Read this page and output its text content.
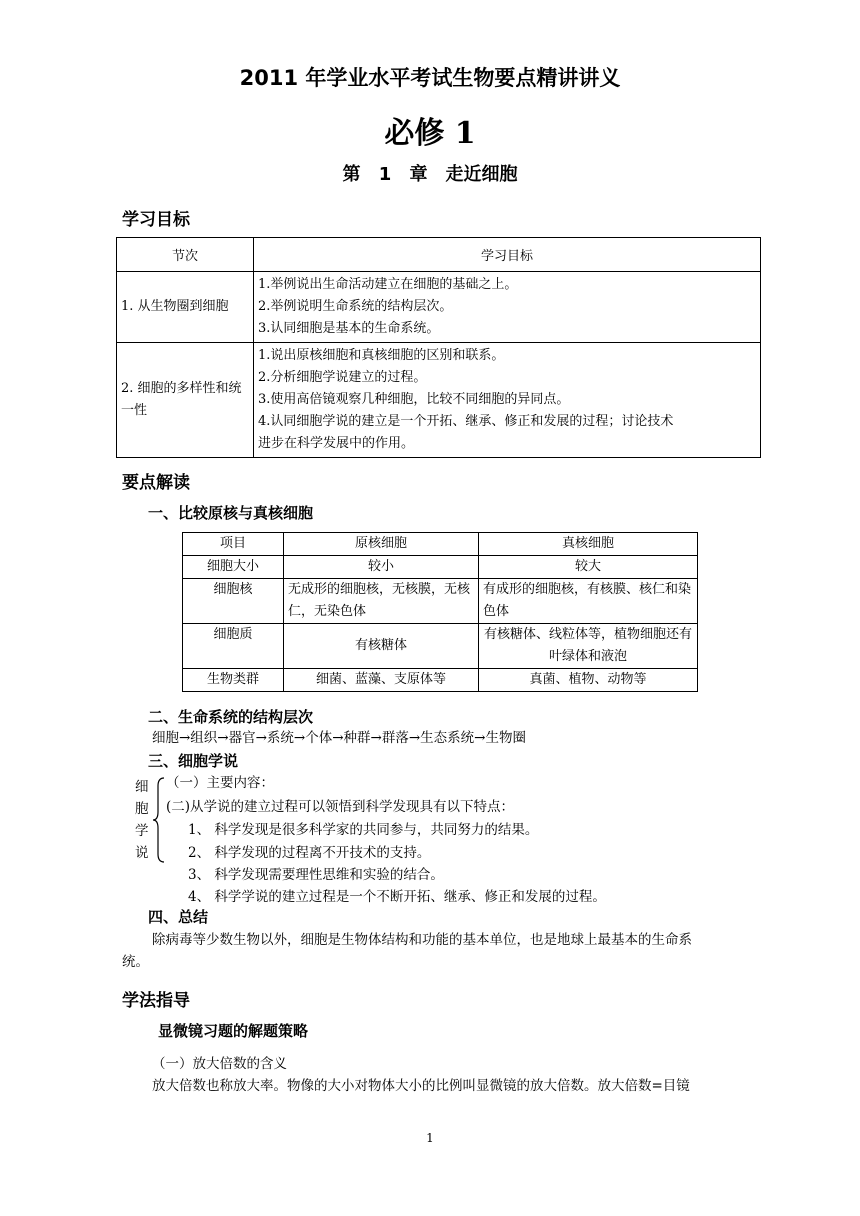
2011 年学业水平考试生物要点精讲讲义
必修 1
第 1 章　走近细胞
学习目标
节次	学习目标
1. 从生物圈到细胞	1.举例说出生命活动建立在细胞的基础之上。
2.举例说明生命系统的结构层次。
3.认同细胞是基本的生命系统。

2. 细胞的多样性和统一性	1.说出原核细胞和真核细胞的区别和联系。
2.分析细胞学说建立的过程。
3.使用高倍镜观察几种细胞，比较不同细胞的异同点。
4.认同细胞学说的建立是一个开拓、继承、修正和发展的过程；讨论技术
进步在科学发展中的作用。
要点解读
一、比较原核与真核细胞
项目	原核细胞	真核细胞
细胞大小	较小	较大
细胞核	无成形的细胞核，无核膜，无核仁，无染色体	有成形的细胞核，有核膜、核仁和染色体
细胞质	有核糖体	有核糖体、线粒体等，植物细胞还有叶绿体和液泡
生物类群	细菌、蓝藻、支原体等	真菌、植物、动物等
二、生命系统的结构层次
细胞→组织→器官→系统→个体→种群→群落→生态系统→生物圈
三、细胞学说
细
胞
学
说
（一）主要内容：
(二)从学说的建立过程可以领悟到科学发现具有以下特点：
1、 科学发现是很多科学家的共同参与，共同努力的结果。
2、 科学发现的过程离不开技术的支持。
3、 科学发现需要理性思维和实验的结合。
4、 科学学说的建立过程是一个不断开拓、继承、修正和发展的过程。
四、总结
除病毒等少数生物以外，细胞是生物体结构和功能的基本单位，也是地球上最基本的生命系
统。
学法指导
显微镜习题的解题策略
（一）放大倍数的含义
放大倍数也称放大率。物像的大小对物体大小的比例叫显微镜的放大倍数。放大倍数=目镜
1
